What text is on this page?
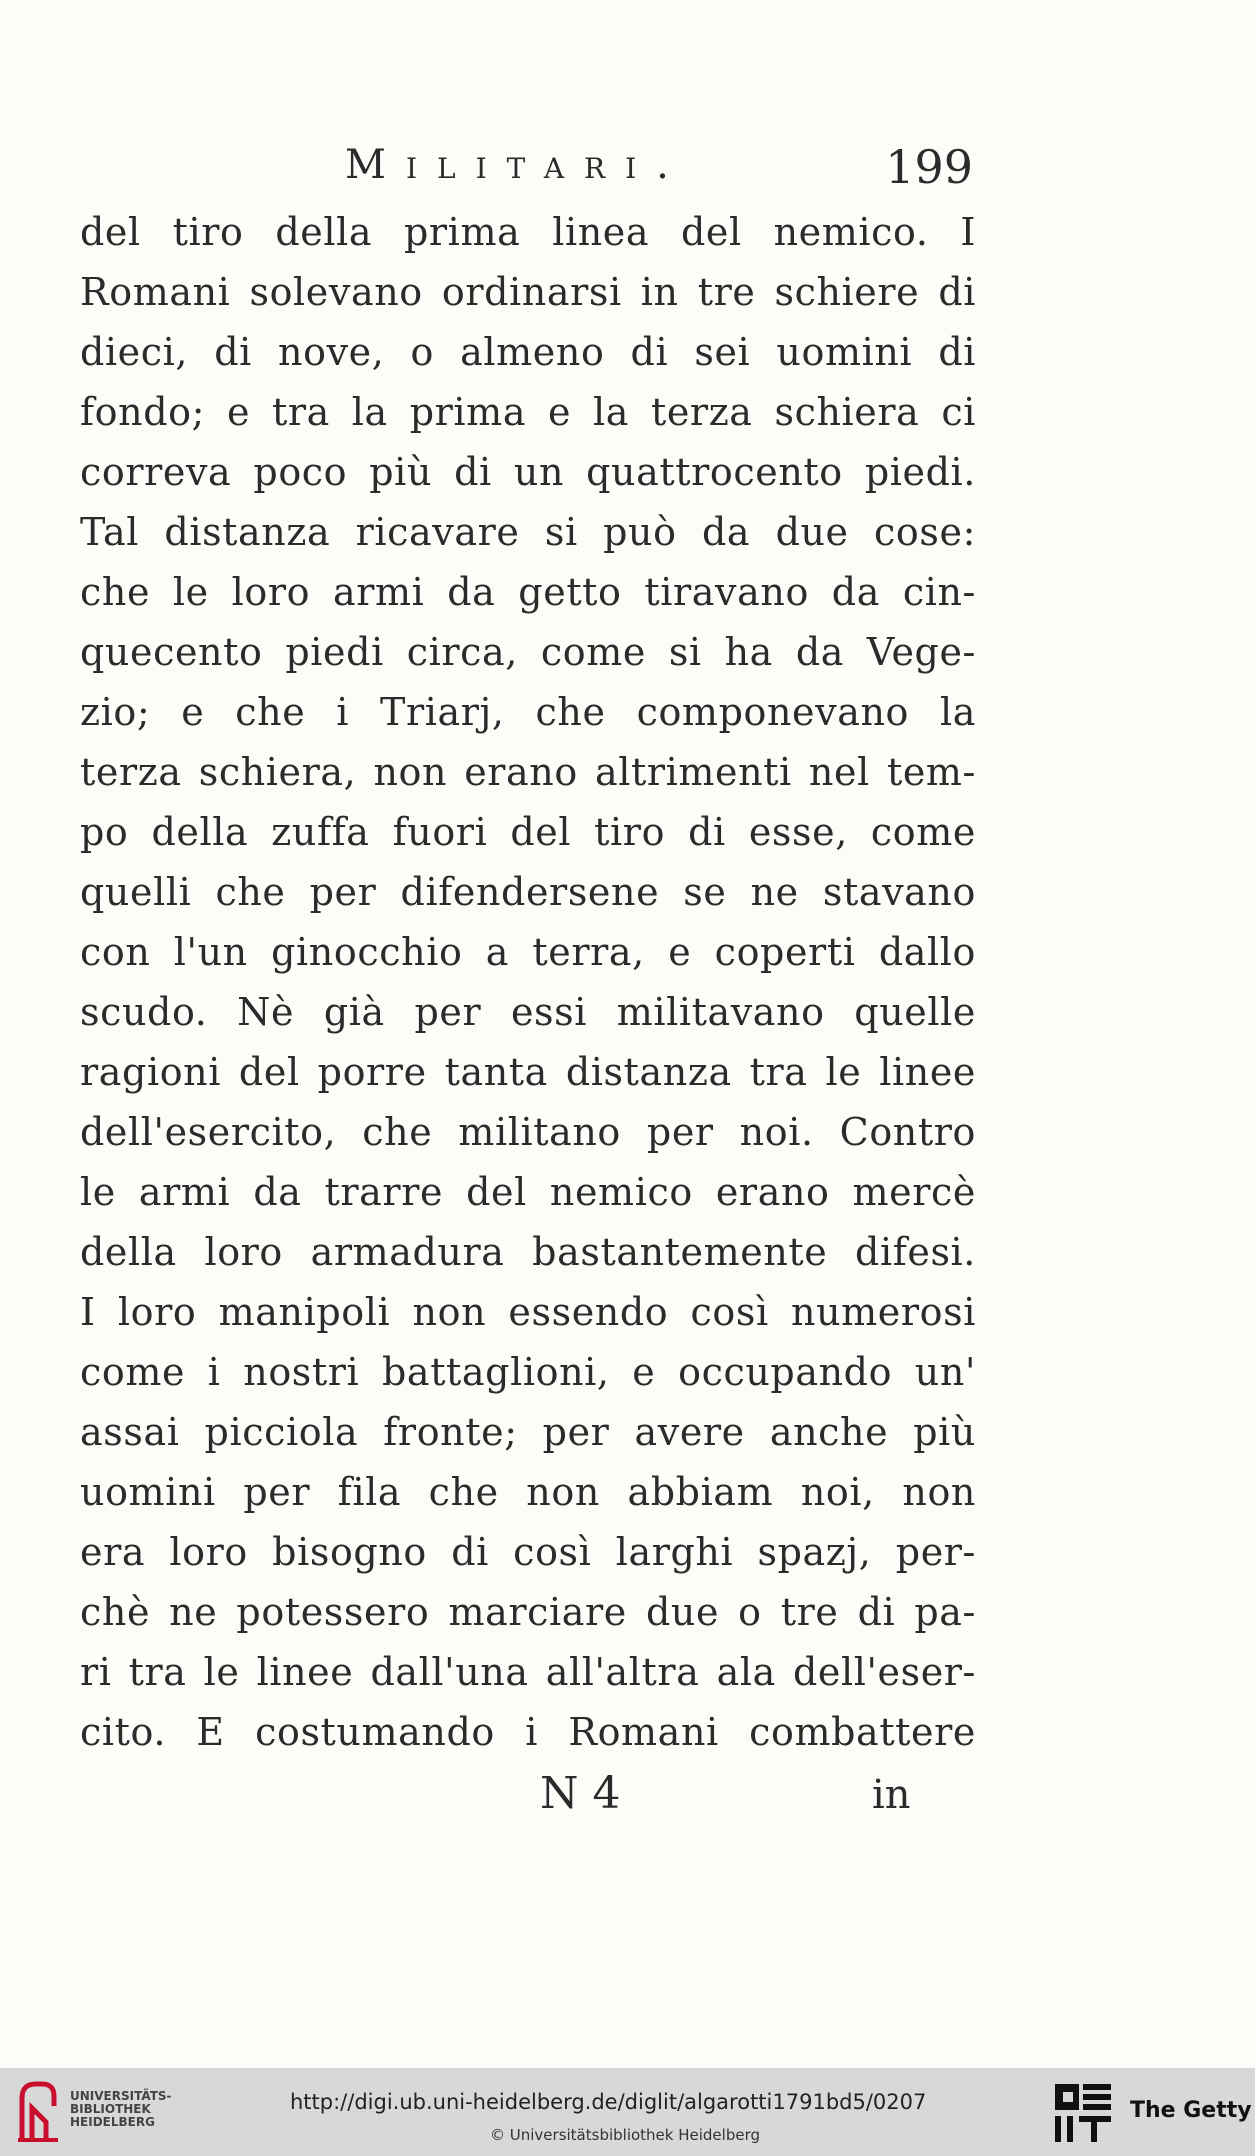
Militari.	199
del tiro della prima linea del nemico. I
Romani solevano ordinarsi in tre schiere di
dieci, di nove, o almeno di sei uomini di
fondo; e tra la prima e la terza schiera ci
correva poco più di un quattrocento piedi.
Tal distanza ricavare si può da due cose:
che le loro armi da getto tiravano da cin-
quecento piedi circa, come si ha da Vege-
zio; e che i Triarj, che componevano la
terza schiera, non erano altrimenti nel tem-
po della zuffa fuori del tiro di esse, come
quelli che per difendersene se ne stavano
con l'un ginocchio a terra, e coperti dallo
scudo. Nè già per essi militavano quelle
ragioni del porre tanta distanza tra le linee
dell'esercito, che militano per noi. Contro
le armi da trarre del nemico erano mercè
della loro armadura bastantemente difesi.
I loro manipoli non essendo così numerosi
come i nostri battaglioni, e occupando un'
assai picciola fronte; per avere anche più
uomini per fila che non abbiam noi, non
era loro bisogno di così larghi spazj, per-
chè ne potessero marciare due o tre di pa-
ri tra le linee dall'una all'altra ala dell'eser-
cito. E costumando i Romani combattere
N 4	in
UNIVERSITÄTS-
BIBLIOTHEK
HEIDELBERG
http://digi.ub.uni-heidelberg.de/diglit/algarotti1791bd5/0207
© Universitätsbibliothek Heidelberg
The Getty
